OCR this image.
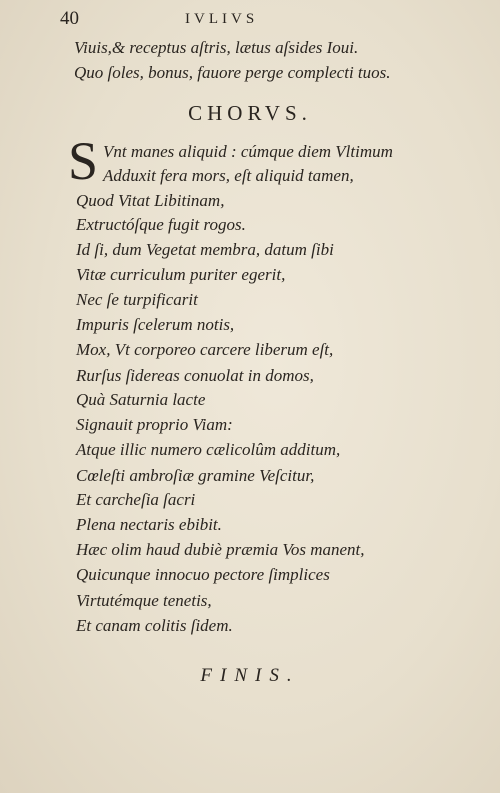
40	IVLIVS
Viuis,& receptus aſtris, lætus aſsides Ioui.
Quo ſoles, bonus, fauore perge complecti tuos.
CHORVS.
S Vnt manes aliquid : cúmque diem Vltimum
Adduxit fera mors, eſt aliquid tamen,
Quod Vitat Libitinam,
Extructóſque fugit rogos.
Id ſi, dum Vegetat membra, datum ſibi
Vitæ curriculum puriter egerit,
Nec ſe turpificarit
Impuris ſcelerum notis,
Mox, Vt corporeo carcere liberum eſt,
Rurſus ſidereas conuolat in domos,
Quà Saturnia lacte
Signauit proprio Viam:
Atque illic numero cælicolûm additum,
Cœleſti ambroſiæ gramine Veſcitur,
Et carcheſia ſacri
Plena nectaris ebibit.
Hæc olim haud dubiè præmia Vos manent,
Quicunque innocuo pectore ſimplices
Virtutémque tenetis,
Et canam colitis ſidem.
FINIS.
